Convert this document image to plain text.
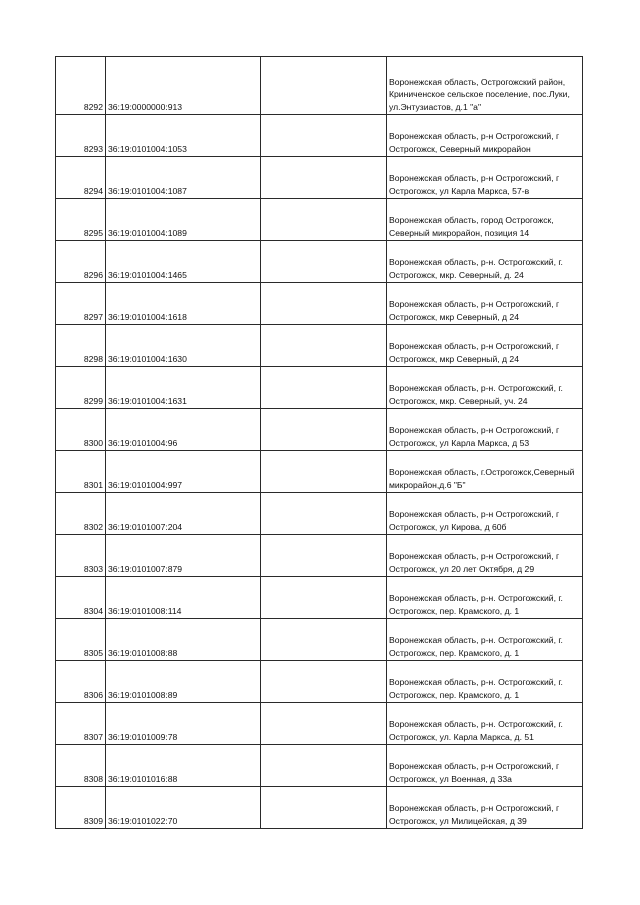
8292	36:19:0000000:913		Воронежская область, Острогожский район, Криниченское сельское поселение, пос.Луки, ул.Энтузиастов, д.1 "а"
8293	36:19:0101004:1053		Воронежская область, р-н Острогожский, г Острогожск, Северный микрорайон
8294	36:19:0101004:1087		Воронежская область, р-н Острогожский, г Острогожск, ул Карла Маркса, 57-в
8295	36:19:0101004:1089		Воронежская область, город Острогожск, Северный микрорайон, позиция 14
8296	36:19:0101004:1465		Воронежская область, р-н. Острогожский, г. Острогожск, мкр. Северный, д. 24
8297	36:19:0101004:1618		Воронежская область, р-н Острогожский, г Острогожск, мкр Северный, д 24
8298	36:19:0101004:1630		Воронежская область, р-н Острогожский, г Острогожск, мкр Северный, д 24
8299	36:19:0101004:1631		Воронежская область, р-н. Острогожский, г. Острогожск, мкр. Северный, уч. 24
8300	36:19:0101004:96		Воронежская область, р-н Острогожский, г Острогожск, ул Карла Маркса, д 53
8301	36:19:0101004:997		Воронежская область, г.Острогожск,Северный микрорайон,д.6 "Б"
8302	36:19:0101007:204		Воронежская область, р-н Острогожский, г Острогожск, ул Кирова, д 60б
8303	36:19:0101007:879		Воронежская область, р-н Острогожский, г Острогожск, ул 20 лет Октября, д 29
8304	36:19:0101008:114		Воронежская область, р-н. Острогожский, г. Острогожск, пер. Крамского, д. 1
8305	36:19:0101008:88		Воронежская область, р-н. Острогожский, г. Острогожск, пер. Крамского, д. 1
8306	36:19:0101008:89		Воронежская область, р-н. Острогожский, г. Острогожск, пер. Крамского, д. 1
8307	36:19:0101009:78		Воронежская область, р-н. Острогожский, г. Острогожск, ул. Карла Маркса, д. 51
8308	36:19:0101016:88		Воронежская область, р-н Острогожский, г Острогожск, ул Военная, д 33а
8309	36:19:0101022:70		Воронежская область, р-н Острогожский, г Острогожск, ул Милицейская, д 39
